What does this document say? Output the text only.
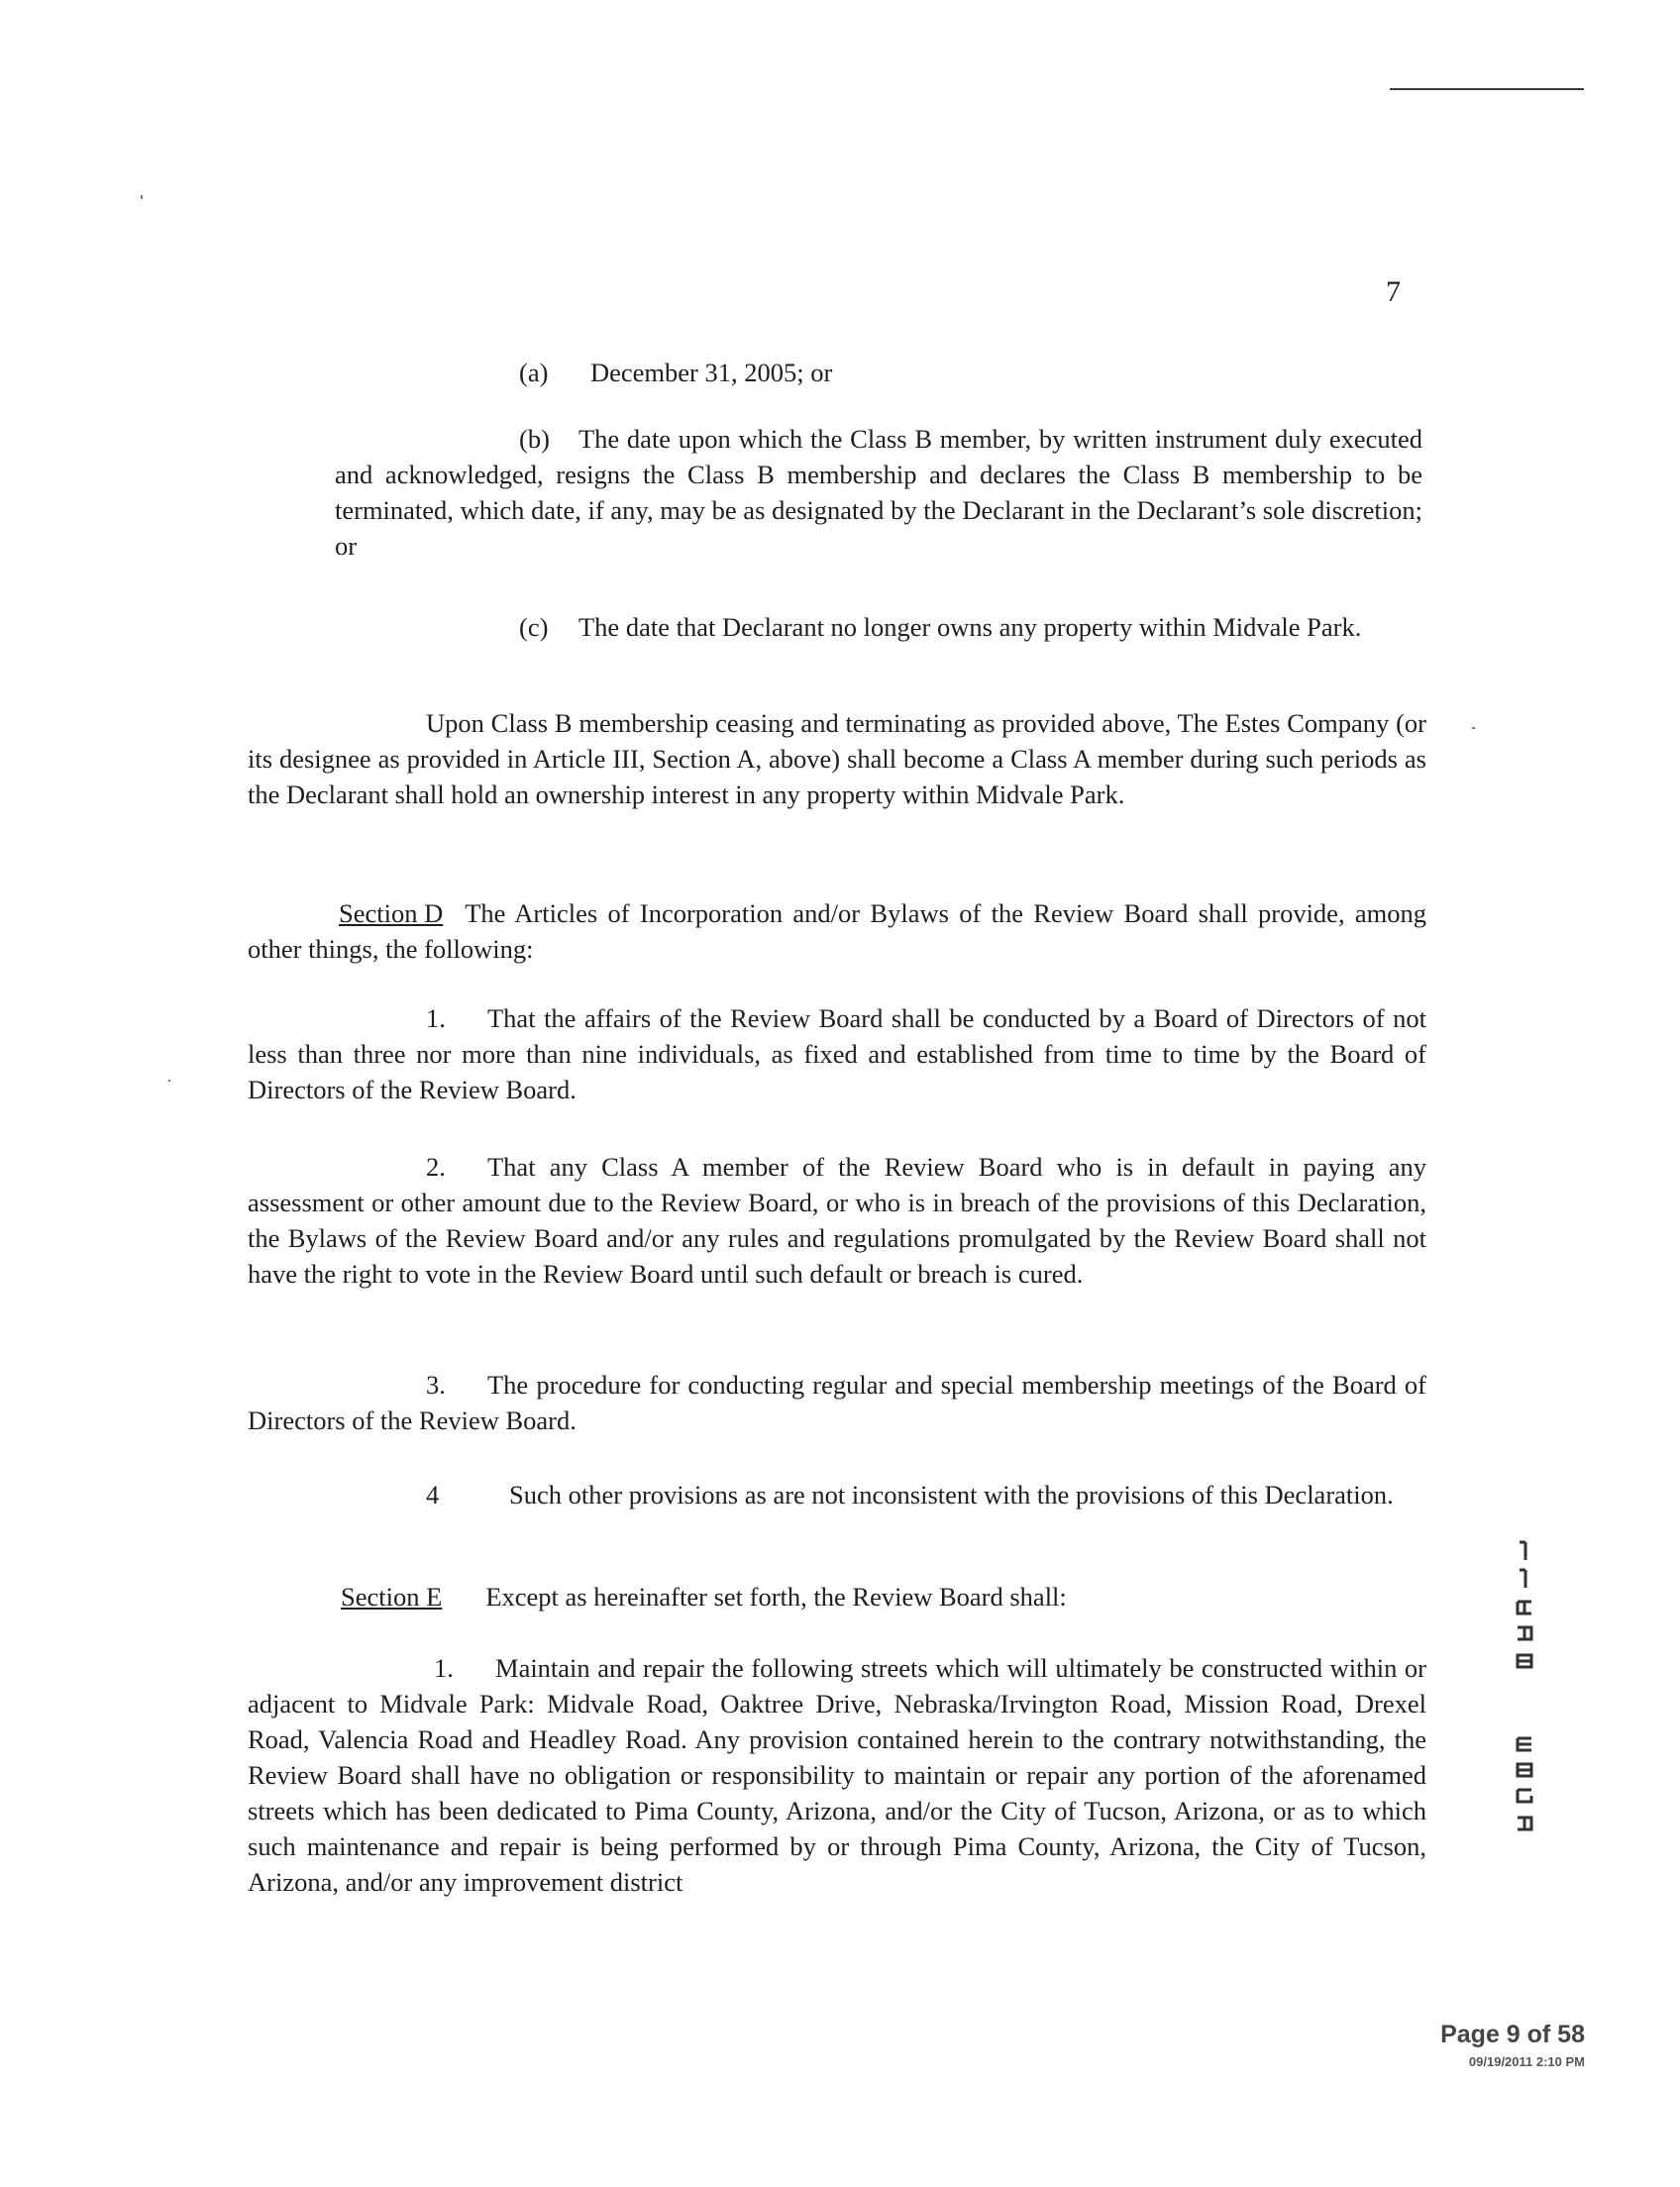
7

(a) December 31, 2005; or

(b) The date upon which the Class B member, by written instrument duly executed and acknowledged, resigns the Class B membership and declares the Class B membership to be terminated, which date, if any, may be as designated by the Declarant in the Declarant’s sole discretion; or

(c) The date that Declarant no longer owns any property within Midvale Park.

Upon Class B membership ceasing and terminating as provided above, The Estes Company (or its designee as provided in Article III, Section A, above) shall become a Class A member during such periods as the Declarant shall hold an ownership interest in any property within Midvale Park.

Section D The Articles of Incorporation and/or Bylaws of the Review Board shall provide, among other things, the following:

1. That the affairs of the Review Board shall be conducted by a Board of Directors of not less than three nor more than nine individuals, as fixed and established from time to time by the Board of Directors of the Review Board.

2. That any Class A member of the Review Board who is in default in paying any assessment or other amount due to the Review Board, or who is in breach of the provisions of this Declaration, the Bylaws of the Review Board and/or any rules and regulations promulgated by the Review Board shall not have the right to vote in the Review Board until such default or breach is cured.

3. The procedure for conducting regular and special membership meetings of the Board of Directors of the Review Board.

4	Such other provisions as are not inconsistent with the provisions of this Declaration.

Section E Except as hereinafter set forth, the Review Board shall:

1. Maintain and repair the following streets which will ultimately be constructed within or adjacent to Midvale Park: Midvale Road, Oaktree Drive, Nebraska/Irvington Road, Mission Road, Drexel Road, Valencia Road and Headley Road. Any provision contained herein to the contrary notwithstanding, the Review Board shall have no obligation or responsibility to maintain or repair any portion of the aforenamed streets which has been dedicated to Pima County, Arizona, and/or the City of Tucson, Arizona, or as to which such maintenance and repair is being performed by or through Pima County, Arizona, the City of Tucson, Arizona, and/or any improvement district

Page 9 of 58
09/19/2011 2:10 PM
